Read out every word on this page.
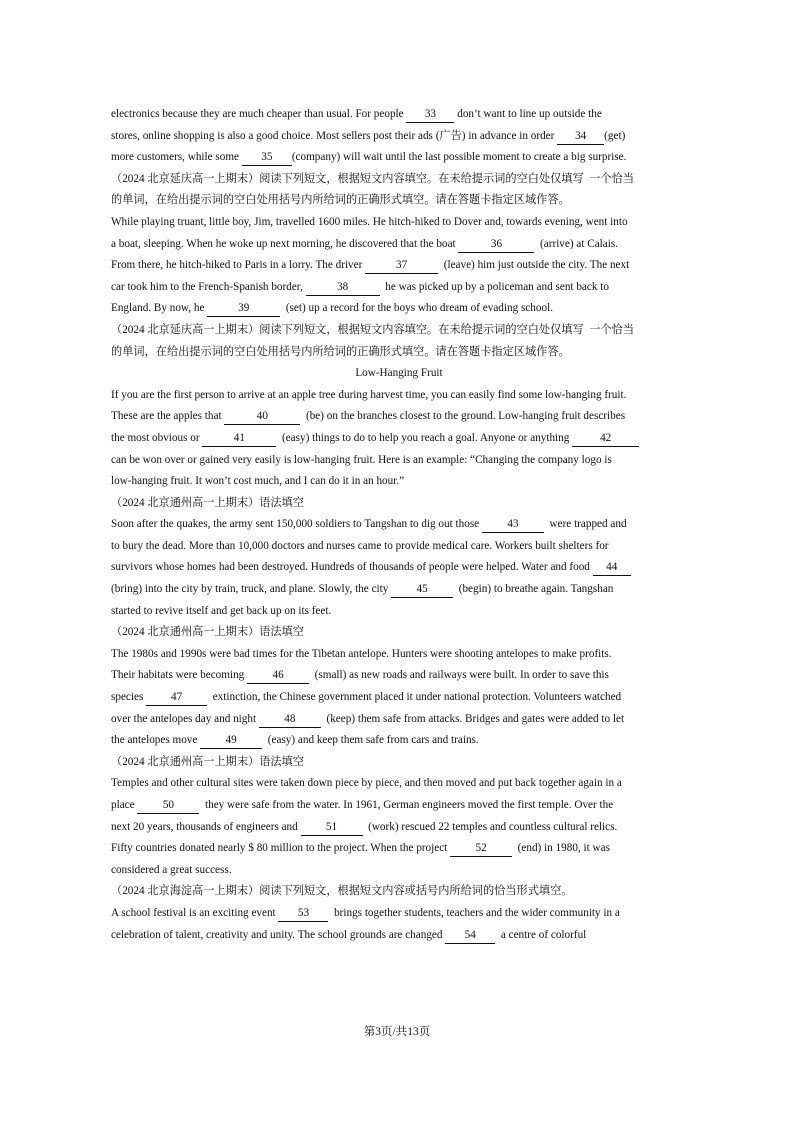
electronics because they are much cheaper than usual. For people 33 don’t want to line up outside the
stores, online shopping is also a good choice. Most sellers post their ads (广告) in advance in order 34 (get)
more customers, while some 35 (company) will wait until the last possible moment to create a big surprise.
（2024 北京延庆高一上期末）阅读下列短文，根据短文内容填空。在未给提示词的空白处仅填写  一个恰当
的单词，在给出提示词的空白处用括号内所给词的正确形式填空。请在答题卡指定区域作答。
While playing truant, little boy, Jim, travelled 1600 miles. He hitch-hiked to Dover and, towards evening, went into
a boat, sleeping. When he woke up next morning, he discovered that the boat	36	(arrive) at Calais.
From there, he hitch-hiked to Paris in a lorry. The driver	37	(leave) him just outside the city. The next
car took him to the French-Spanish border,	38	he was picked up by a policeman and sent back to
England. By now, he	39	(set) up a record for the boys who dream of evading school.
（2024 北京延庆高一上期末）阅读下列短文，根据短文内容填空。在未给提示词的空白处仅填写  一个恰当
的单词，在给出提示词的空白处用括号内所给词的正确形式填空。请在答题卡指定区域作答。
Low-Hanging Fruit
If you are the first person to arrive at an apple tree during harvest time, you can easily find some low-hanging fruit.
These are the apples that	40	(be) on the branches closest to the ground. Low-hanging fruit describes
the most obvious or	41	(easy) things to do to help you reach a goal. Anyone or anything 42
can be won over or gained very easily is low-hanging fruit. Here is an example: “Changing the company logo is
low-hanging fruit. It won’t cost much, and I can do it in an hour.”
（2024 北京通州高一上期末）语法填空
Soon after the quakes, the army sent 150,000 soldiers to Tangshan to dig out those 43  were trapped and
to bury the dead. More than 10,000 doctors and nurses came to provide medical care. Workers built shelters for
survivors whose homes had been destroyed. Hundreds of thousands of people were helped. Water and food 44
(bring) into the city by train, truck, and plane. Slowly, the city 45  (begin) to breathe again. Tangshan
started to revive itself and get back up on its feet.
（2024 北京通州高一上期末）语法填空
The 1980s and 1990s were bad times for the Tibetan antelope. Hunters were shooting antelopes to make profits.
Their habitats were becoming 46  (small) as new roads and railways were built. In order to save this
species 47  extinction, the Chinese government placed it under national protection. Volunteers watched
over the antelopes day and night 48  (keep) them safe from attacks. Bridges and gates were added to let
the antelopes move 49  (easy) and keep them safe from cars and trains.
（2024 北京通州高一上期末）语法填空
Temples and other cultural sites were taken down piece by piece, and then moved and put back together again in a
place 50  they were safe from the water. In 1961, German engineers moved the first temple. Over the
next 20 years, thousands of engineers and 51  (work) rescued 22 temples and countless cultural relics.
Fifty countries donated nearly $ 80 million to the project. When the project 52  (end) in 1980, it was
considered a great success.
（2024 北京海淀高一上期末）阅读下列短文，根据短文内容或括号内所给词的恰当形式填空。
A school festival is an exciting event 53  brings together students, teachers and the wider community in a
celebration of talent, creativity and unity. The school grounds are changed 54  a centre of colorful
第3页/共13页
